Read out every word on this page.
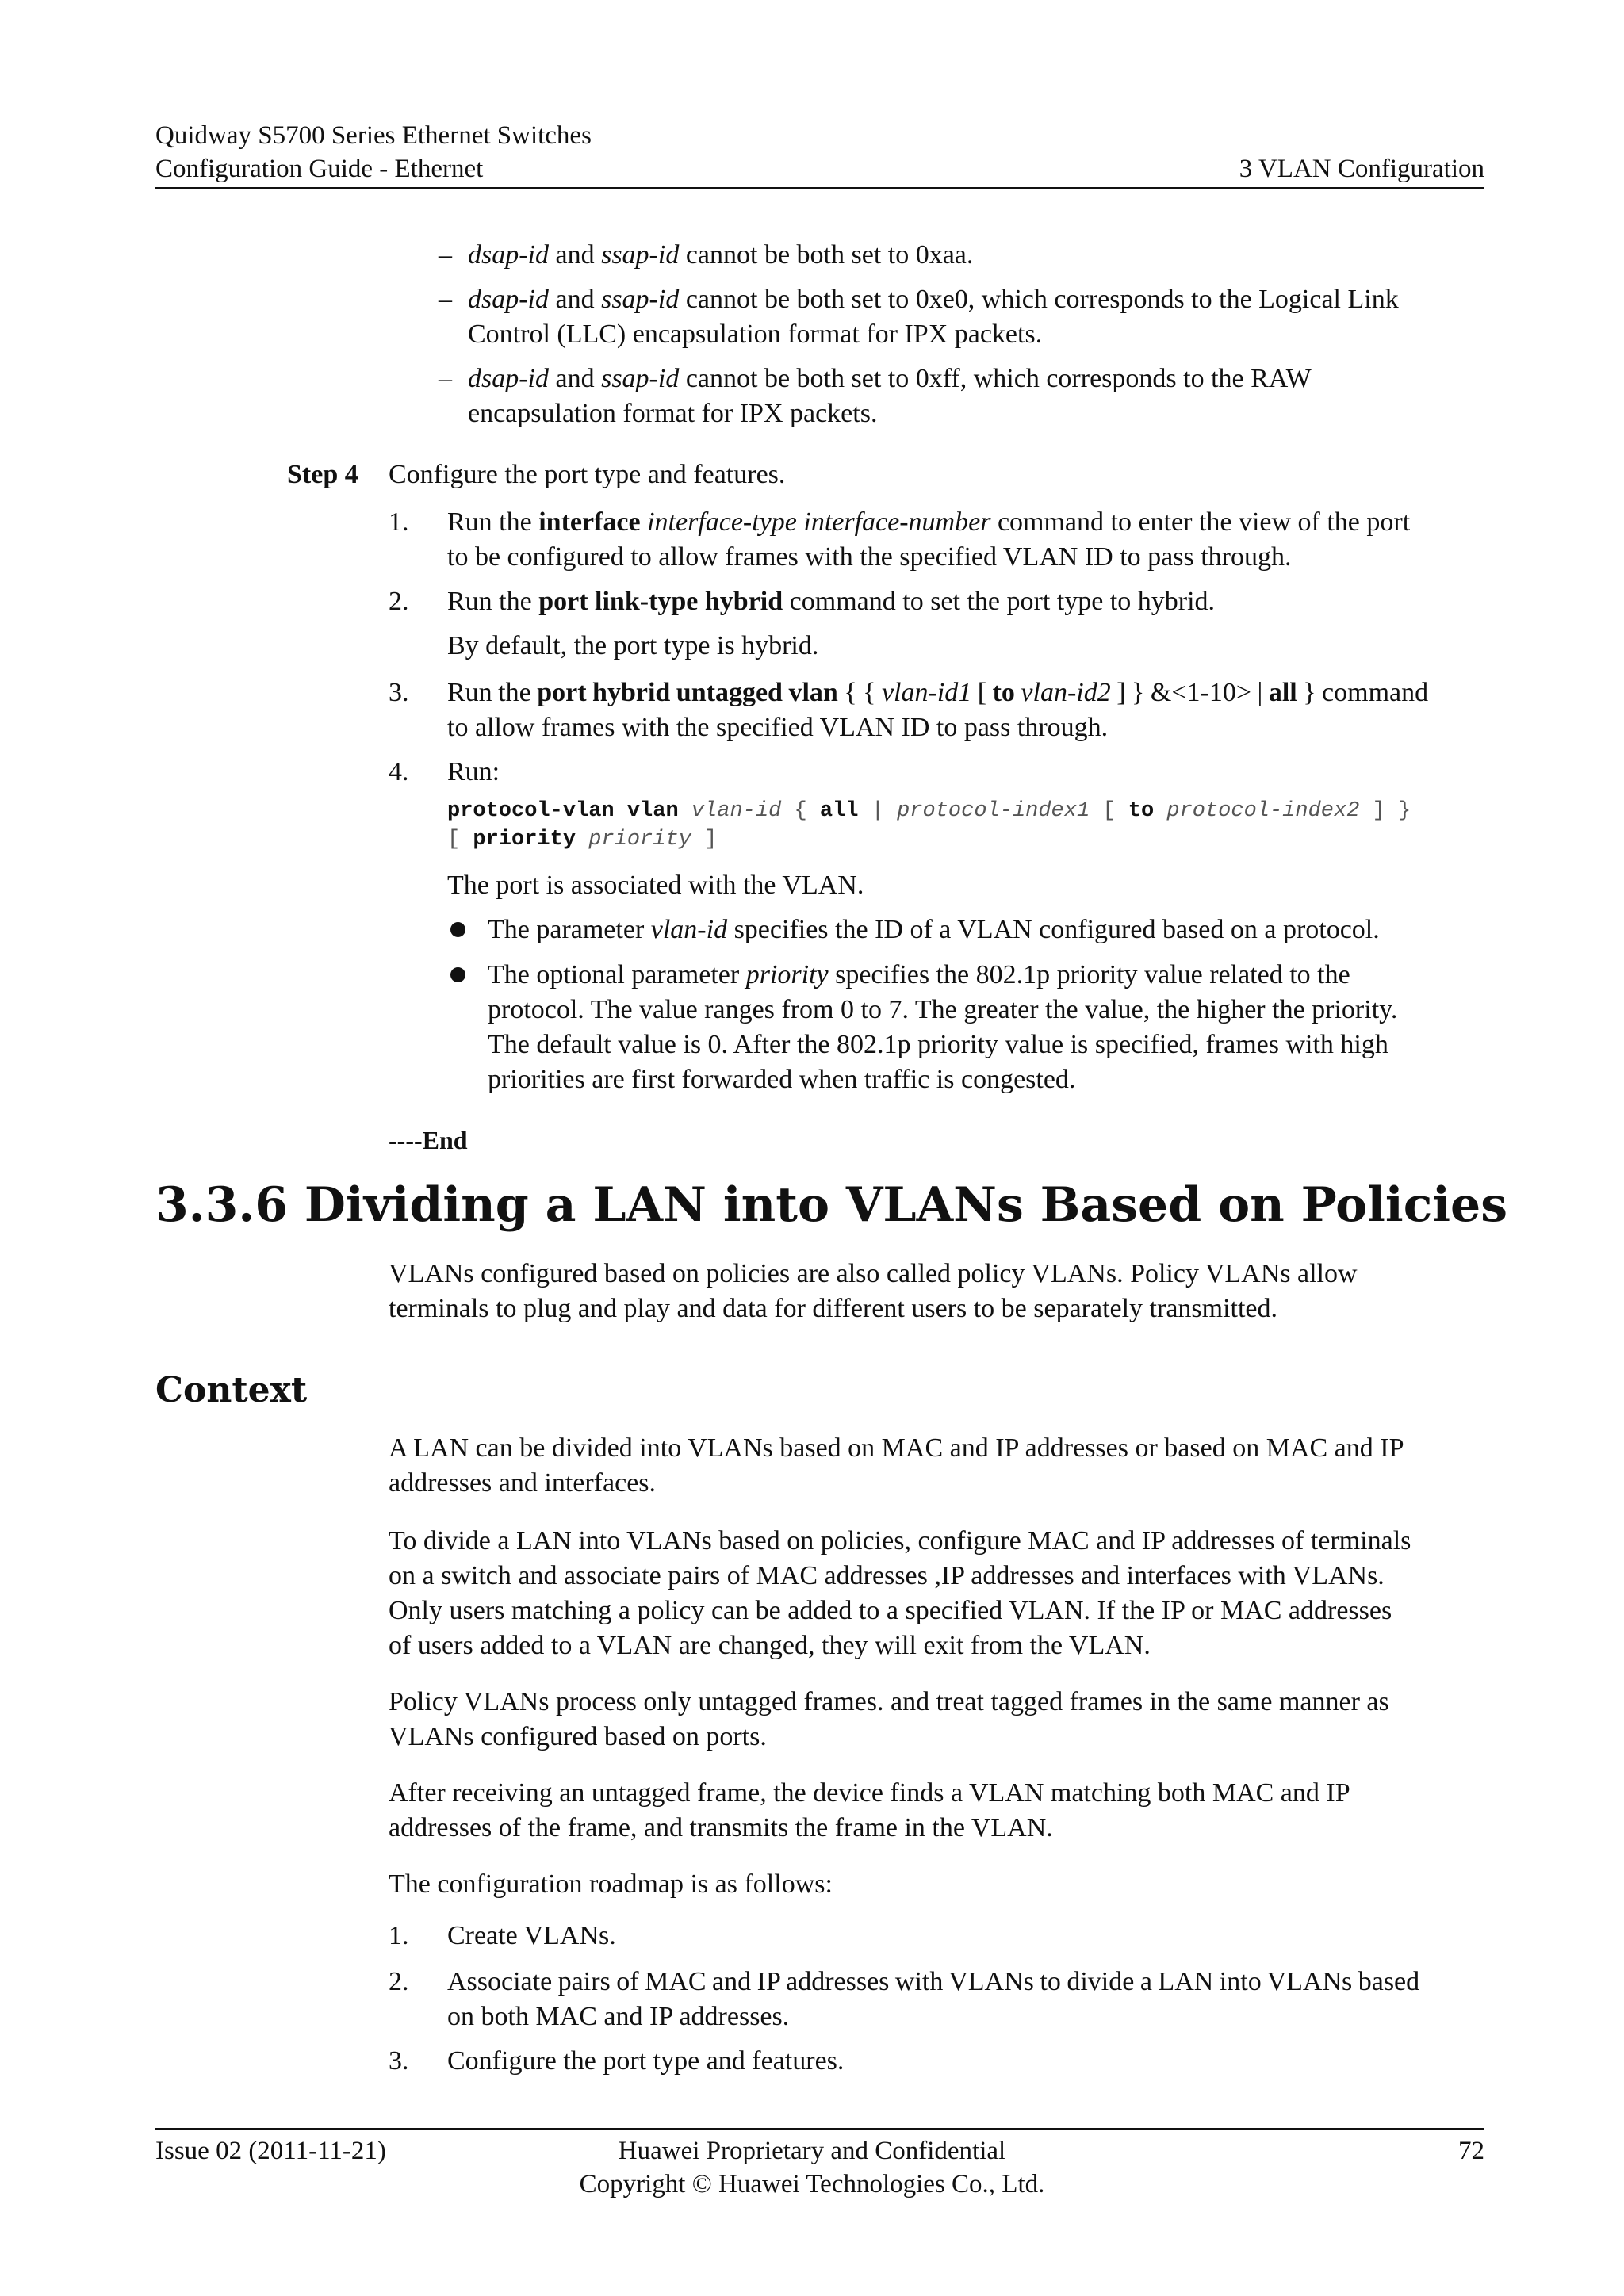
Quidway S5700 Series Ethernet Switches
Configuration Guide - Ethernet	3 VLAN Configuration
– dsap-id and ssap-id cannot be both set to 0xaa.

– dsap-id and ssap-id cannot be both set to 0xe0, which corresponds to the Logical Link

Control (LLC) encapsulation format for IPX packets.

– dsap-id and ssap-id cannot be both set to 0xff, which corresponds to the RAW

encapsulation format for IPX packets.

Step 4 Configure the port type and features.

1. Run the interface interface-type interface-number command to enter the view of the port

to be configured to allow frames with the specified VLAN ID to pass through.

2. Run the port link-type hybrid command to set the port type to hybrid.

By default, the port type is hybrid.

3. Run the port hybrid untagged vlan { { vlan-id1 [ to vlan-id2 ] } &<1-10> | all } command

to allow frames with the specified VLAN ID to pass through.

4. Run:

protocol-vlan vlan vlan-id { all | protocol-index1 [ to protocol-index2 ] }
[ priority priority ]

The port is associated with the VLAN.

The parameter vlan-id specifies the ID of a VLAN configured based on a protocol.

The optional parameter priority specifies the 802.1p priority value related to the

protocol. The value ranges from 0 to 7. The greater the value, the higher the priority.

The default value is 0. After the 802.1p priority value is specified, frames with high

priorities are first forwarded when traffic is congested.

----End
3.3.6 Dividing a LAN into VLANs Based on Policies

VLANs configured based on policies are also called policy VLANs. Policy VLANs allow

terminals to plug and play and data for different users to be separately transmitted.

Context

A LAN can be divided into VLANs based on MAC and IP addresses or based on MAC and IP

addresses and interfaces.

To divide a LAN into VLANs based on policies, configure MAC and IP addresses of terminals

on a switch and associate pairs of MAC addresses ,IP addresses and interfaces with VLANs.

Only users matching a policy can be added to a specified VLAN. If the IP or MAC addresses

of users added to a VLAN are changed, they will exit from the VLAN.

Policy VLANs process only untagged frames. and treat tagged frames in the same manner as

VLANs configured based on ports.

After receiving an untagged frame, the device finds a VLAN matching both MAC and IP

addresses of the frame, and transmits the frame in the VLAN.

The configuration roadmap is as follows:

1. Create VLANs.

2. Associate pairs of MAC and IP addresses with VLANs to divide a LAN into VLANs based

on both MAC and IP addresses.

3. Configure the port type and features.

Issue 02 (2011-11-21)	Huawei Proprietary and Confidential
Copyright © Huawei Technologies Co., Ltd.
72
